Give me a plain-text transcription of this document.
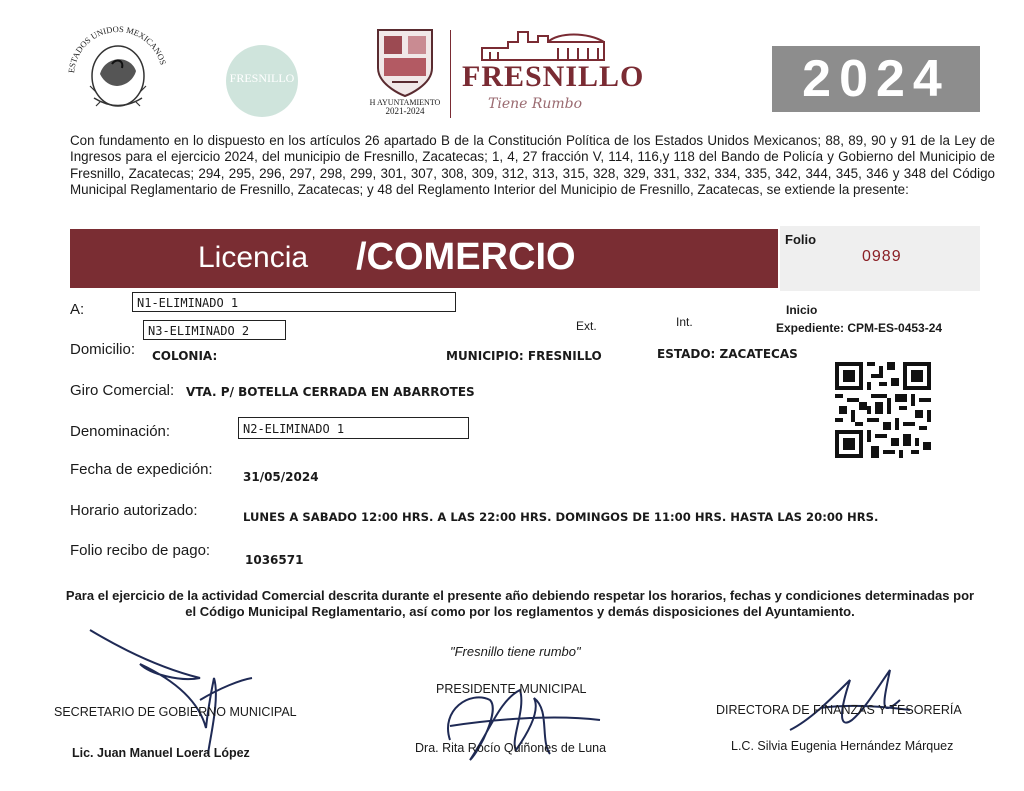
ESTADOS UNIDOS MEXICANOS
FRESNILLO
H AYUNTAMIENTO
2021-2024
FRESNILLO
Tiene Rumbo	2024
Con fundamento en lo dispuesto en los artículos 26 apartado B de la Constitución Política de los Estados Unidos Mexicanos; 88, 89, 90 y 91 de la Ley de Ingresos para el ejercicio 2024, del municipio de Fresnillo, Zacatecas; 1, 4, 27 fracción V, 114, 116,y 118 del Bando de Policía y Gobierno del Municipio de Fresnillo, Zacatecas; 294, 295, 296, 297, 298, 299, 301, 307, 308, 309, 312, 313, 315, 328, 329, 331, 332, 334, 335, 342, 344, 345, 346 y 348 del Código Municipal Reglamentario de Fresnillo, Zacatecas; y 48 del Reglamento Interior del Municipio de Fresnillo, Zacatecas, se extiende la presente:
Licencia /COMERCIO	Folio
0989
A:	N1-ELIMINADO 1
N3-ELIMINADO 2	Ext.	Int.
Inicio
Expediente: CPM-ES-0453-24
Domicilio: COLONIA:	MUNICIPIO: FRESNILLO	ESTADO: ZACATECAS
Giro Comercial: VTA. P/ BOTELLA CERRADA EN ABARROTES
Denominación:	N2-ELIMINADO 1
Fecha de expedición:	31/05/2024
Horario autorizado:	LUNES A SABADO 12:00 HRS. A LAS 22:00 HRS. DOMINGOS DE 11:00 HRS. HASTA LAS 20:00 HRS.
Folio recibo de pago:
1036571
Para el ejercicio de la actividad Comercial descrita durante el presente año debiendo respetar los horarios, fechas y condiciones determinadas por el Código Municipal Reglamentario, así como por los reglamentos y demás disposiciones del Ayuntamiento.
"Fresnillo tiene rumbo"
SECRETARIO DE GOBIERNO MUNICIPAL
Lic. Juan Manuel Loera López
PRESIDENTE MUNICIPAL
Dra. Rita Rocío Quiñones de Luna
DIRECTORA DE FINANZAS Y TESORERÍA
L.C. Silvia Eugenia Hernández Márquez
